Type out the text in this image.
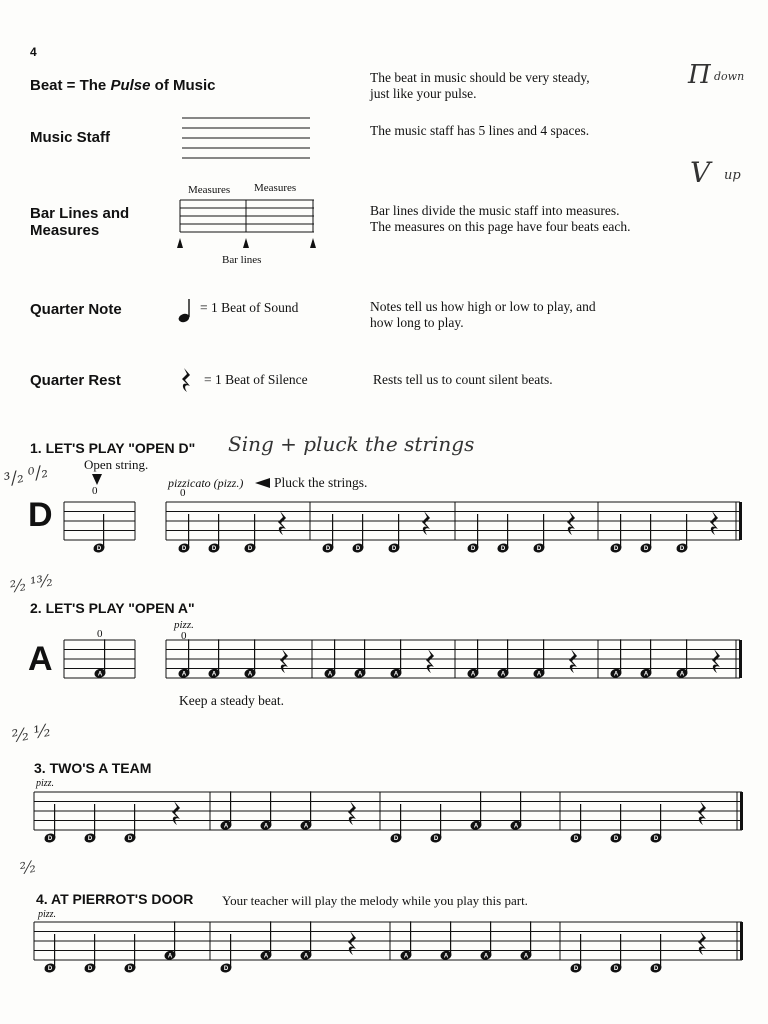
4
Π down
V up
Beat = The Pulse of Music	The beat in music should be very steady,
just like your pulse.
Music Staff	The music staff has 5 lines and 4 spaces.
Measures Measures
Bar lines
Bar Lines and
Measures
Bar lines divide the music staff into measures.
The measures on this page have four beats each.
Quarter Note	= 1 Beat of Sound	Notes tell us how high or low to play, and
how long to play.
Quarter Rest	= 1 Beat of Silence	Rests tell us to count silent beats.
1. LET'S PLAY "OPEN D" Sing + pluck the strings
³/₂ ⁰/₂	Open string.
0
pizzicato (pizz.) Pluck the strings.
0
D
D	D	D	D	D	D	D	D	D	D	D	D	D
²⁄₂ ¹³⁄₂
2. LET'S PLAY "OPEN A"
0
pizz.
0
A	A	A	A	A	A	A	A	A	A	A	A	A	A
Keep a steady beat.
²⁄₂ ¹⁄₂
3. TWO'S A TEAM
pizz.
D	D	D
A	A	A
D	D
A	A
D	D	D
²⁄₂
4. AT PIERROT'S DOOR Your teacher will play the melody while you play this part.
pizz.
D	D	D
A
D
A	A	A	A	A	A
D	D	D
